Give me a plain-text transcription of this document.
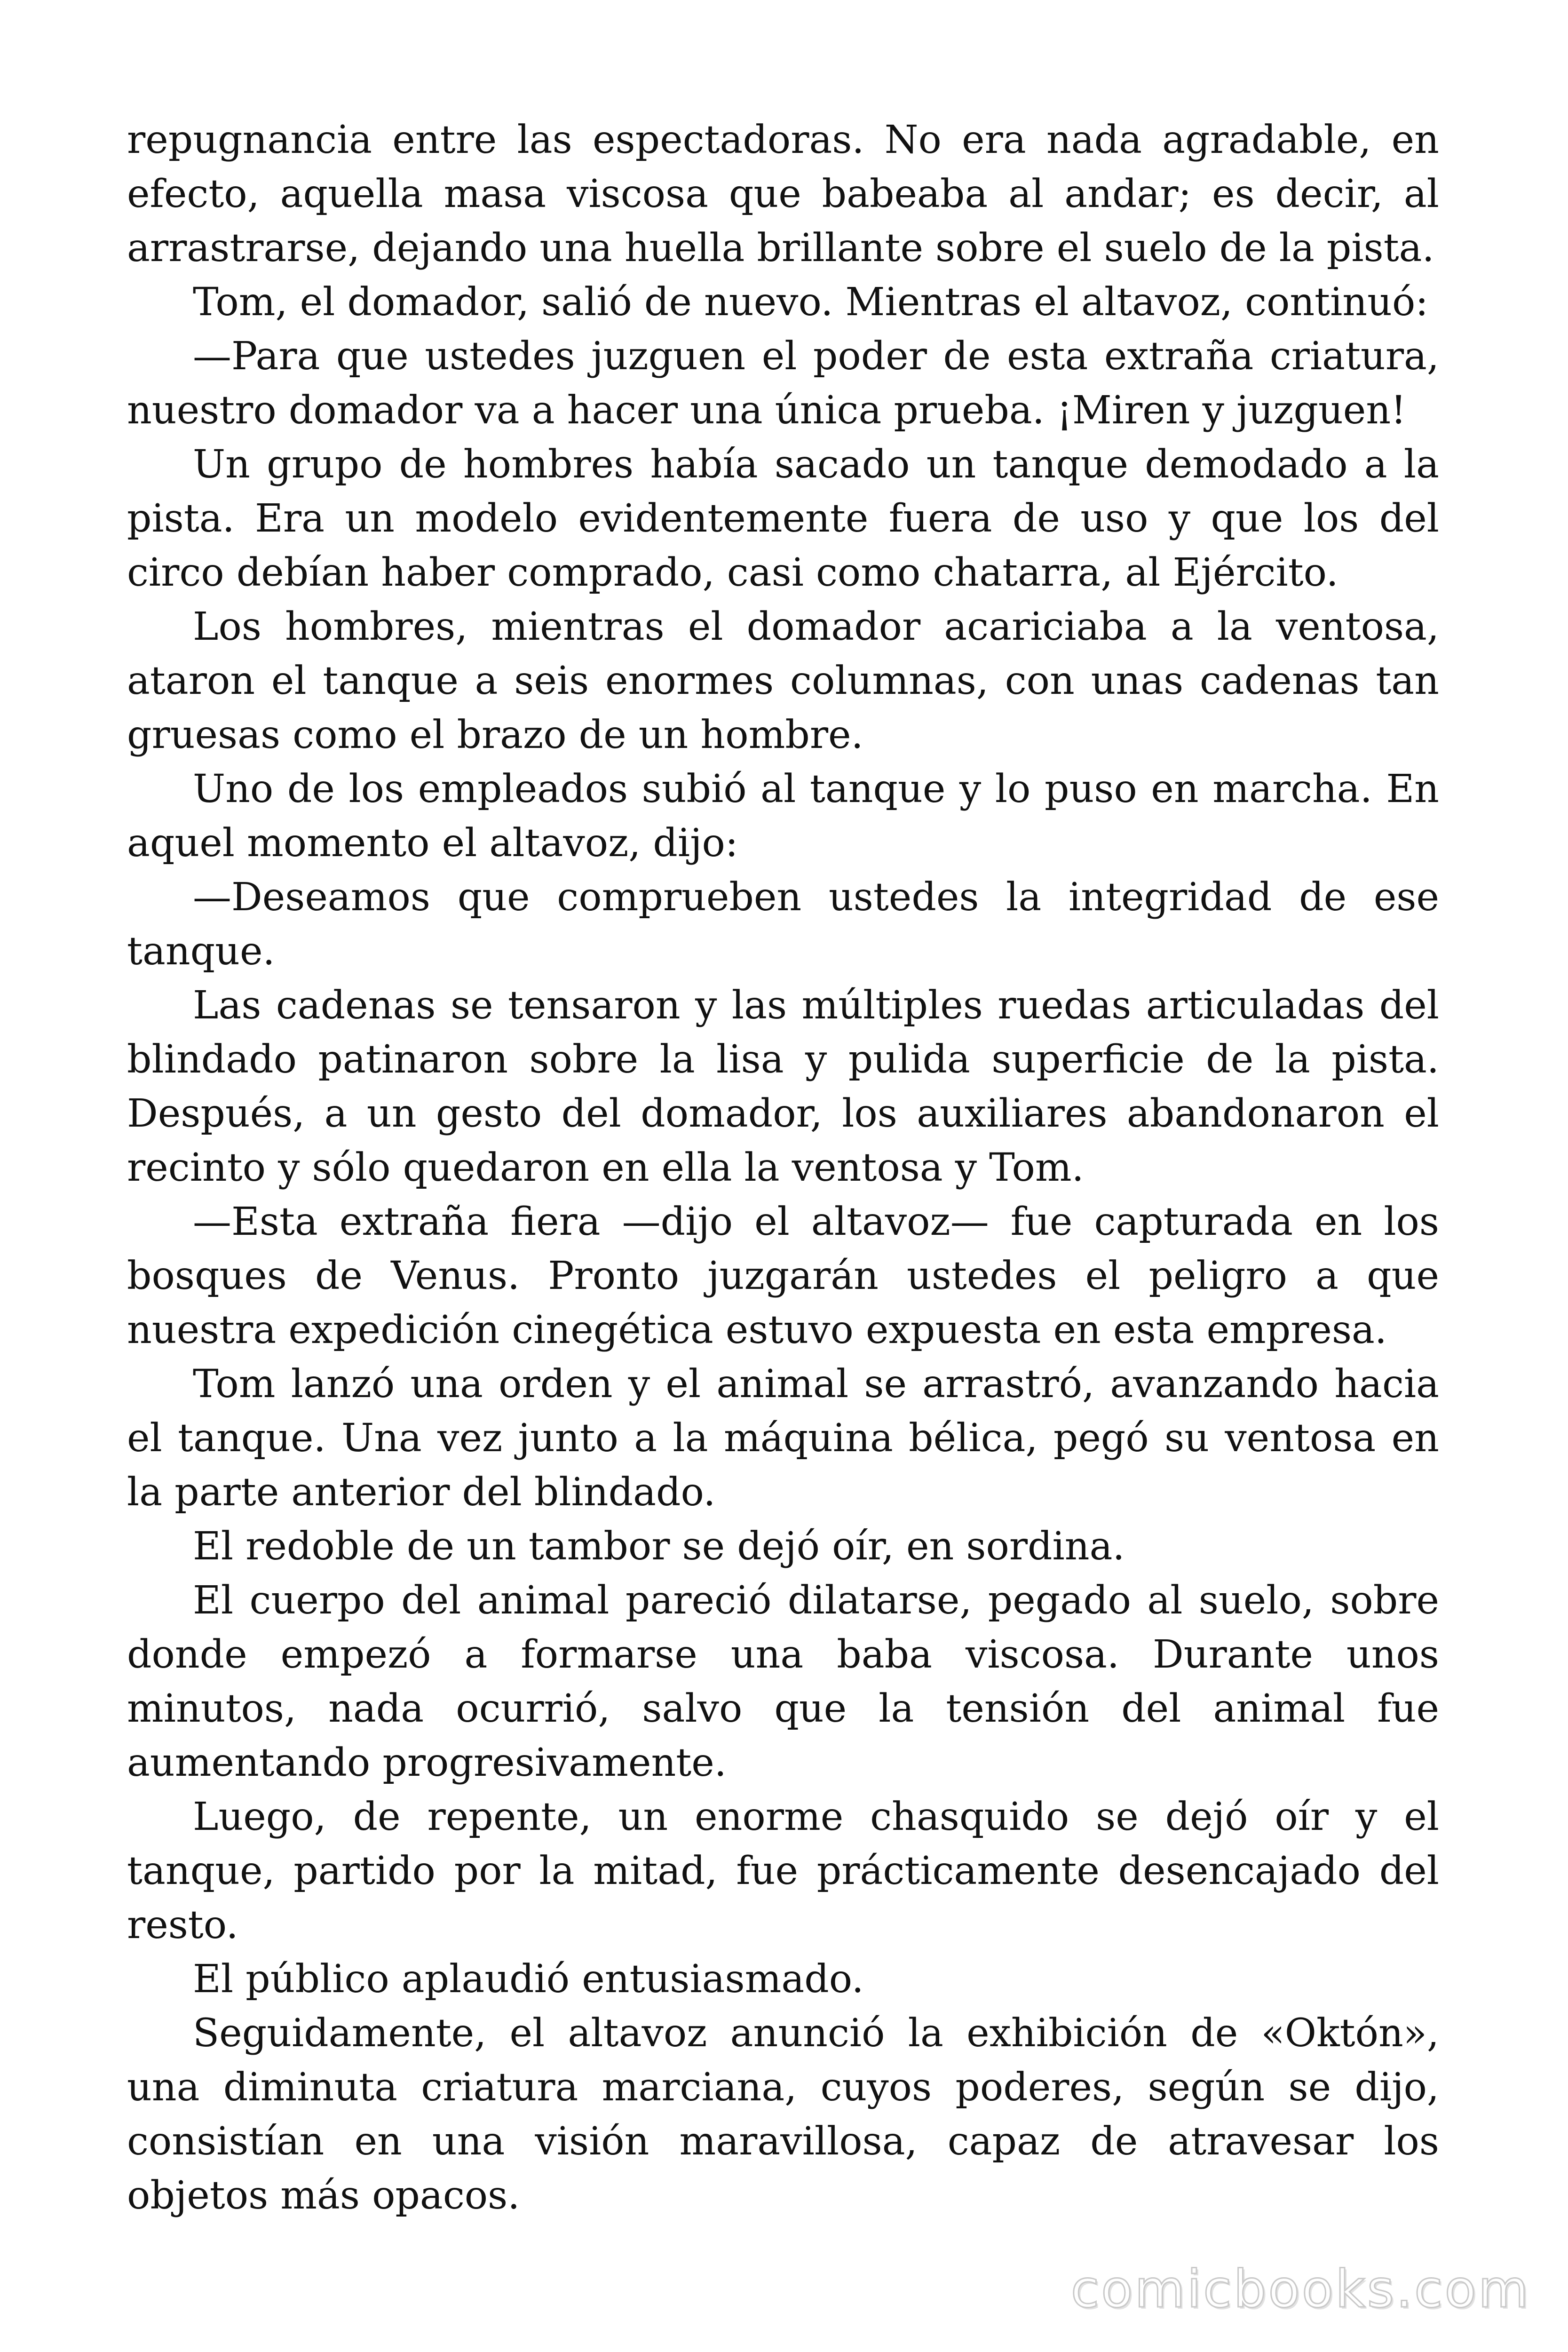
repugnancia entre las espectadoras. No era nada agradable, en efecto, aquella masa viscosa que babeaba al andar; es decir, al arrastrarse, dejando una huella brillante sobre el suelo de la pista.

Tom, el domador, salió de nuevo. Mientras el altavoz, continuó:

—Para que ustedes juzguen el poder de esta extraña criatura, nuestro domador va a hacer una única prueba. ¡Miren y juzguen!

Un grupo de hombres había sacado un tanque demodado a la pista. Era un modelo evidentemente fuera de uso y que los del circo debían haber comprado, casi como chatarra, al Ejército.

Los hombres, mientras el domador acariciaba a la ventosa, ataron el tanque a seis enormes columnas, con unas cadenas tan gruesas como el brazo de un hombre.

Uno de los empleados subió al tanque y lo puso en marcha. En aquel momento el altavoz, dijo:

—Deseamos que comprueben ustedes la integridad de ese tanque.

Las cadenas se tensaron y las múltiples ruedas articuladas del blindado patinaron sobre la lisa y pulida superficie de la pista. Después, a un gesto del domador, los auxiliares abandonaron el recinto y sólo quedaron en ella la ventosa y Tom.

—Esta extraña fiera —dijo el altavoz— fue capturada en los bosques de Venus. Pronto juzgarán ustedes el peligro a que nuestra expedición cinegética estuvo expuesta en esta empresa.

Tom lanzó una orden y el animal se arrastró, avanzando hacia el tanque. Una vez junto a la máquina bélica, pegó su ventosa en la parte anterior del blindado.

El redoble de un tambor se dejó oír, en sordina.

El cuerpo del animal pareció dilatarse, pegado al suelo, sobre donde empezó a formarse una baba viscosa. Durante unos minutos, nada ocurrió, salvo que la tensión del animal fue aumentando progresivamente.

Luego, de repente, un enorme chasquido se dejó oír y el tanque, partido por la mitad, fue prácticamente desencajado del resto.

El público aplaudió entusiasmado.

Seguidamente, el altavoz anunció la exhibición de «Októn», una diminuta criatura marciana, cuyos poderes, según se dijo, consistían en una visión maravillosa, capaz de atravesar los objetos más opacos.

comicbooks.com
